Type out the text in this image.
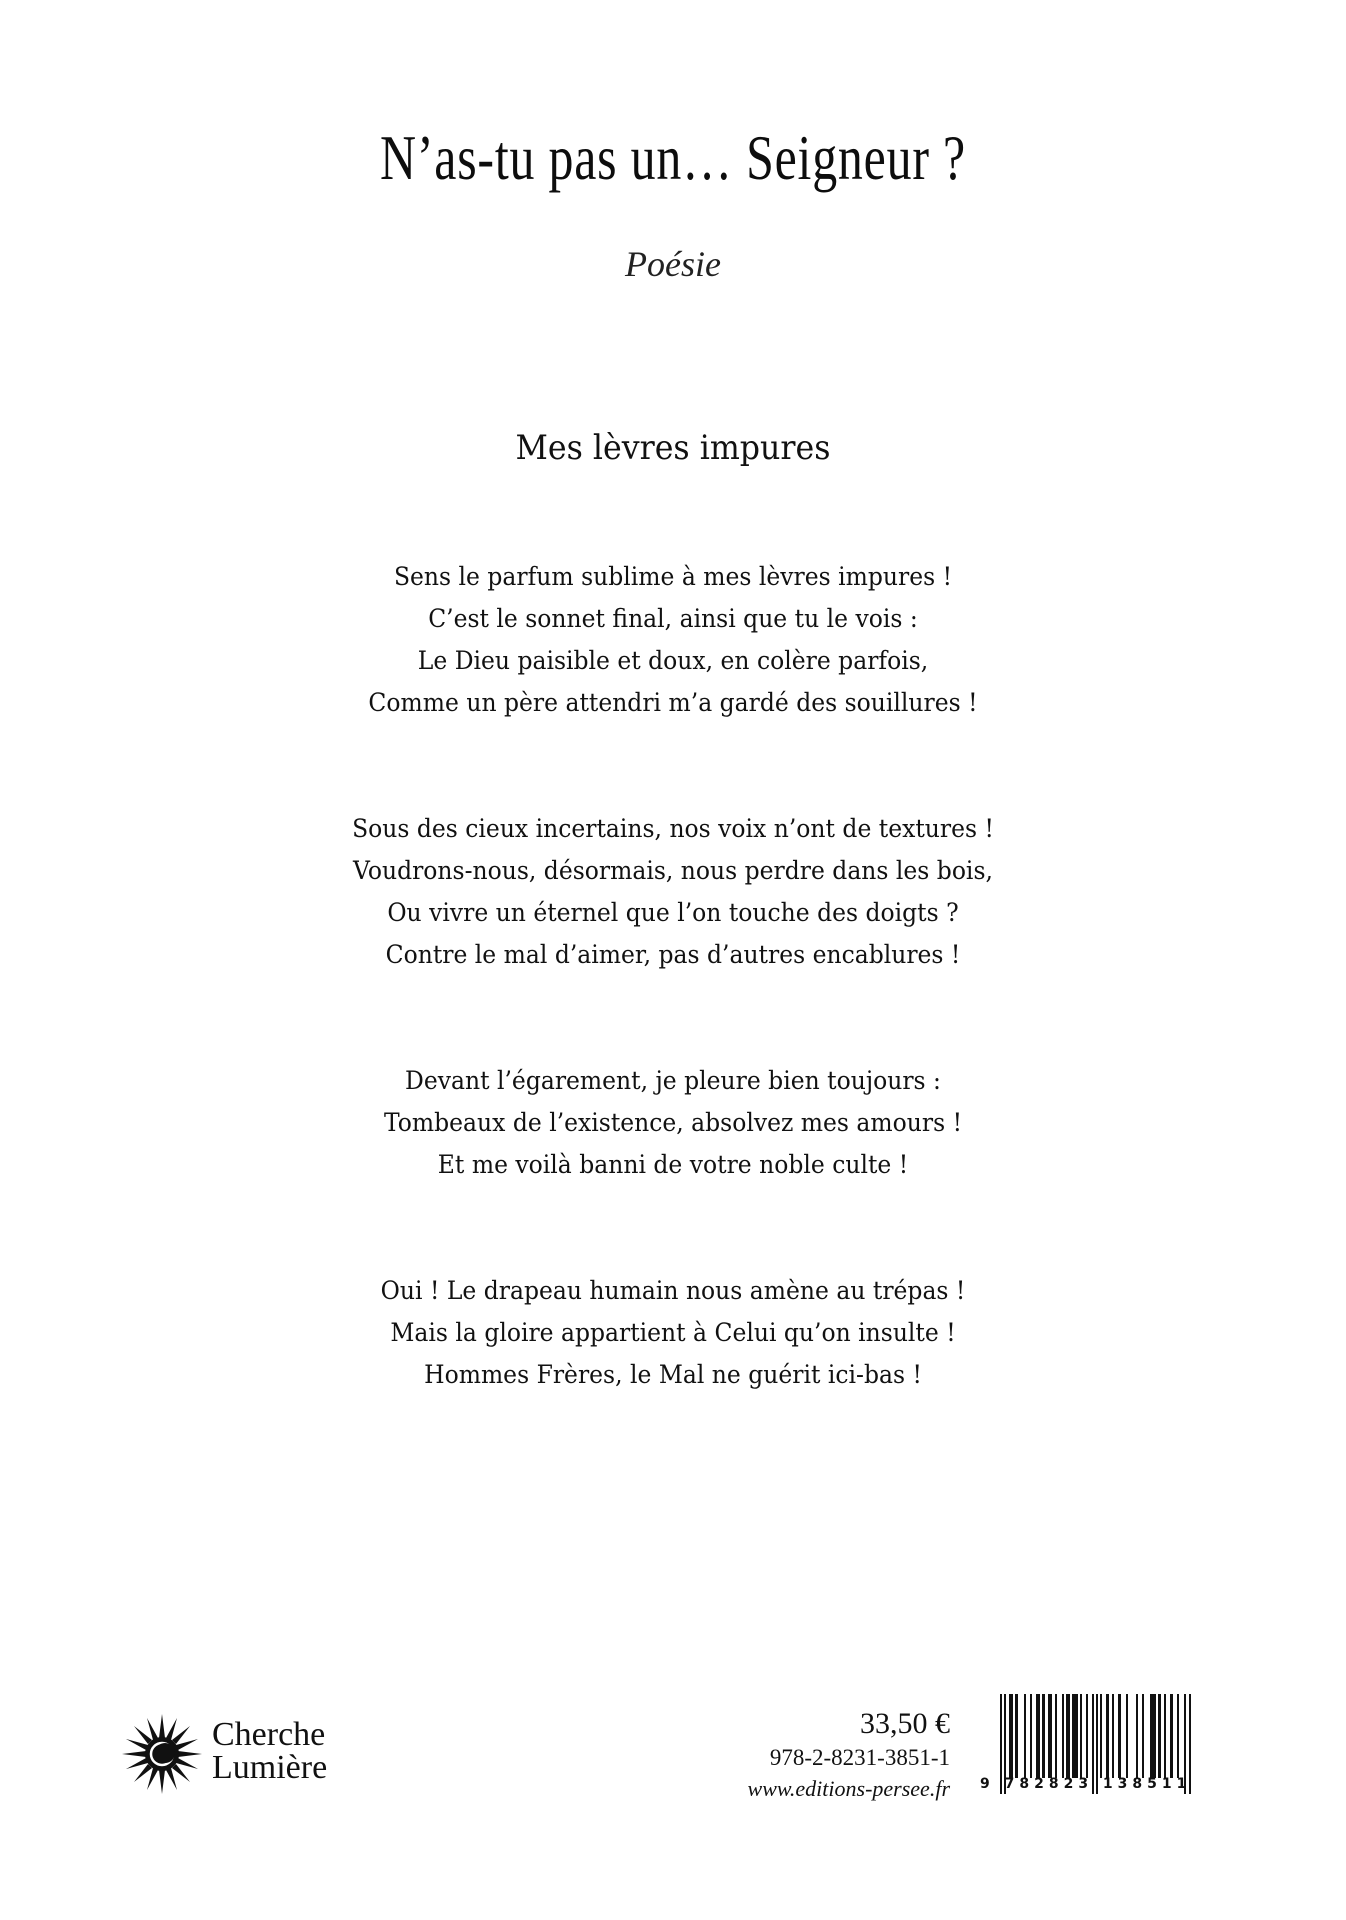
N’as-tu pas un… Seigneur ?
Poésie
Mes lèvres impures
Sens le parfum sublime à mes lèvres impures !
C’est le sonnet final, ainsi que tu le vois :
Le Dieu paisible et doux, en colère parfois,
Comme un père attendri m’a gardé des souillures !
Sous des cieux incertains, nos voix n’ont de textures !
Voudrons-nous, désormais, nous perdre dans les bois,
Ou vivre un éternel que l’on touche des doigts ?
Contre le mal d’aimer, pas d’autres encablures !
Devant l’égarement, je pleure bien toujours :
Tombeaux de l’existence, absolvez mes amours !
Et me voilà banni de votre noble culte !
Oui ! Le drapeau humain nous amène au trépas !
Mais la gloire appartient à Celui qu’on insulte !
Hommes Frères, le Mal ne guérit ici-bas !
Cherche
Lumière
33,50 €
978-2-8231-3851-1
www.editions-persee.fr 9 782823 138511
